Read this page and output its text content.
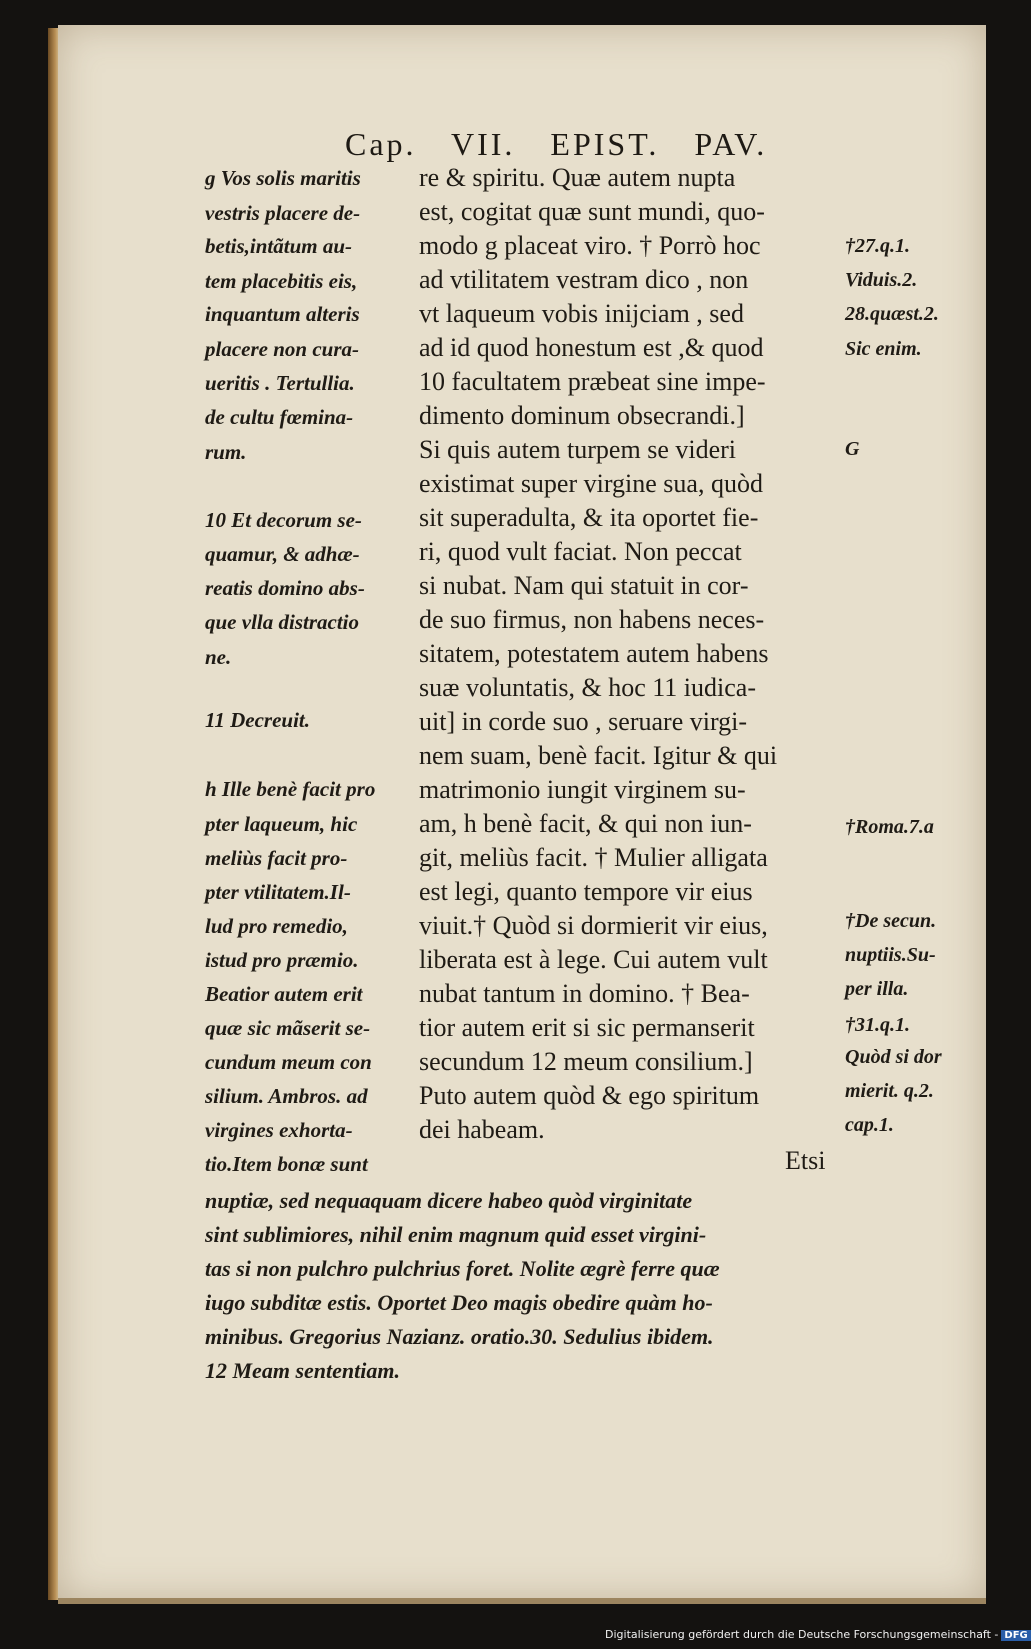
Cap. VII. EPIST. PAV.
g Vos solis maritis
vestris placere de-
betis,intãtum au-
tem placebitis eis,
inquantum alteris
placere non cura-
ueritis . Tertullia.
de cultu fœmina-
rum.
10 Et decorum se-
quamur, & adhæ-
reatis domino abs-
que vlla distractio
ne.
11 Decreuit.
h Ille benè facit pro
pter laqueum, hic
meliùs facit pro-
pter vtilitatem.Il-
lud pro remedio,
istud pro præmio.
Beatior autem erit
quæ sic mãserit se-
cundum meum con
silium. Ambros. ad
virgines exhorta-
tio.Item bonæ sunt
re & spiritu. Quæ autem nupta
est, cogitat quæ sunt mundi, quo-
modo g placeat viro. † Porrò hoc
ad vtilitatem vestram dico , non
vt laqueum vobis inijciam , sed
ad id quod honestum est ,& quod
10 facultatem præbeat sine impe-
dimento dominum obsecrandi.]
Si quis autem turpem se videri
existimat super virgine sua, quòd
sit superadulta, & ita oportet fie-
ri, quod vult faciat. Non peccat
si nubat. Nam qui statuit in cor-
de suo firmus, non habens neces-
sitatem, potestatem autem habens
suæ voluntatis, & hoc 11 iudica-
uit] in corde suo , seruare virgi-
nem suam, benè facit. Igitur & qui
matrimonio iungit virginem su-
am, h benè facit, & qui non iun-
git, meliùs facit. † Mulier alligata
est legi, quanto tempore vir eius
viuit.† Quòd si dormierit vir eius,
liberata est à lege. Cui autem vult
nubat tantum in domino. † Bea-
tior autem erit si sic permanserit
secundum 12 meum consilium.]
Puto autem quòd & ego spiritum
dei habeam.
†27.q.1.
Viduis.2.
28.quæst.2.
Sic enim.
G
†Roma.7.a
†De secun.
nuptiis.Su-
per illa.
†31.q.1.
Quòd si dor
mierit. q.2.
cap.1.
Etsi
nuptiæ, sed nequaquam dicere habeo quòd virginitate
sint sublimiores, nihil enim magnum quid esset virgini-
tas si non pulchro pulchrius foret. Nolite ægrè ferre quæ
iugo subditæ estis. Oportet Deo magis obedire quàm ho-
minibus. Gregorius Nazianz. oratio.30. Sedulius ibidem.
12 Meam sententiam.
Digitalisierung gefördert durch die Deutsche Forschungsgemeinschaft - DFG
